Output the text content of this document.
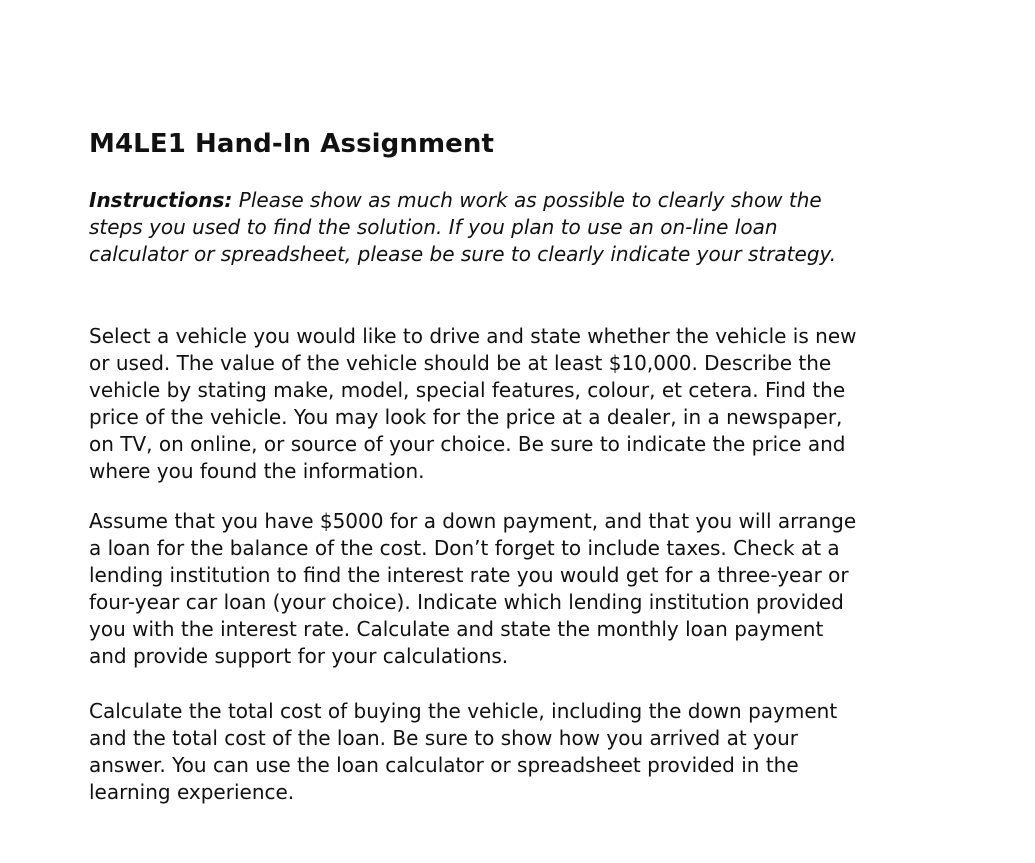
M4LE1 Hand-In Assignment

Instructions: Please show as much work as possible to clearly show the
steps you used to find the solution. If you plan to use an on-line loan
calculator or spreadsheet, please be sure to clearly indicate your strategy.

Select a vehicle you would like to drive and state whether the vehicle is new
or used. The value of the vehicle should be at least $10,000. Describe the
vehicle by stating make, model, special features, colour, et cetera. Find the
price of the vehicle. You may look for the price at a dealer, in a newspaper,
on TV, on online, or source of your choice. Be sure to indicate the price and
where you found the information.

Assume that you have $5000 for a down payment, and that you will arrange
a loan for the balance of the cost. Don’t forget to include taxes. Check at a
lending institution to find the interest rate you would get for a three-year or
four-year car loan (your choice). Indicate which lending institution provided
you with the interest rate. Calculate and state the monthly loan payment
and provide support for your calculations.

Calculate the total cost of buying the vehicle, including the down payment
and the total cost of the loan. Be sure to show how you arrived at your
answer. You can use the loan calculator or spreadsheet provided in the
learning experience.
